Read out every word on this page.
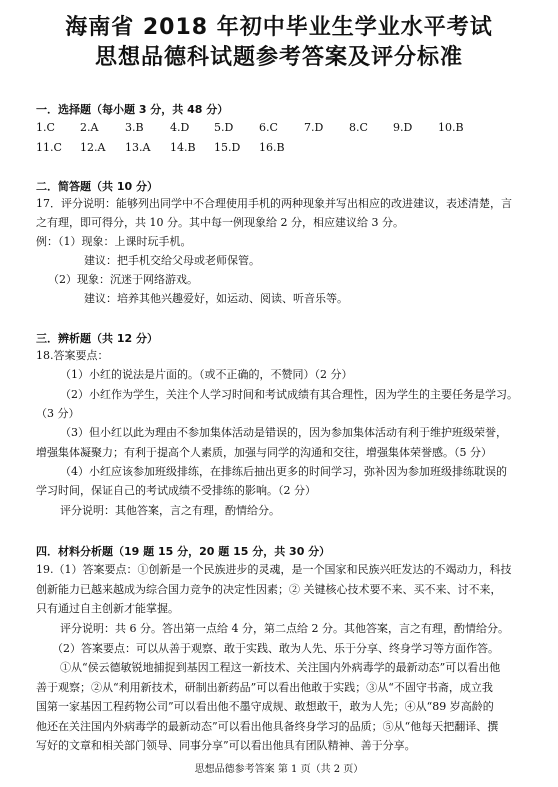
海南省 2018 年初中毕业生学业水平考试
思想品德科试题参考答案及评分标准
一．选择题（每小题 3 分，共 48 分）
1.C 2.A 3.B 4.D 5.D 6.C 7.D 8.C 9.D 10.B
11.C 12.A 13.A 14.B 15.D 16.B
二．简答题（共 10 分）
17．评分说明：能够列出同学中不合理使用手机的两种现象并写出相应的改进建议，表述清楚，言
之有理，即可得分，共 10 分。其中每一例现象给 2 分，相应建议给 3 分。
例：（1）现象：上课时玩手机。
建议：把手机交给父母或老师保管。
（2）现象：沉迷于网络游戏。
建议：培养其他兴趣爱好，如运动、阅读、听音乐等。
三．辨析题（共 12 分）
18.答案要点：
（1）小红的说法是片面的。（或不正确的，不赞同）（2 分）
（2）小红作为学生，关注个人学习时间和考试成绩有其合理性，因为学生的主要任务是学习。
（3 分）
（3）但小红以此为理由不参加集体活动是错误的，因为参加集体活动有利于维护班级荣誉，
增强集体凝聚力；有利于提高个人素质，加强与同学的沟通和交往，增强集体荣誉感。（5 分）
（4）小红应该参加班级排练，在排练后抽出更多的时间学习，弥补因为参加班级排练耽误的
学习时间，保证自己的考试成绩不受排练的影响。（2 分）
评分说明：其他答案，言之有理，酌情给分。
四．材料分析题（19 题 15 分，20 题 15 分，共 30 分）
19.（1）答案要点：①创新是一个民族进步的灵魂，是一个国家和民族兴旺发达的不竭动力，科技
创新能力已越来越成为综合国力竞争的决定性因素；② 关键核心技术要不来、买不来、讨不来，
只有通过自主创新才能掌握。
评分说明：共 6 分。答出第一点给 4 分，第二点给 2 分。其他答案，言之有理，酌情给分。
（2）答案要点：可以从善于观察、敢于实践、敢为人先、乐于分享、终身学习等方面作答。
①从“侯云德敏锐地捕捉到基因工程这一新技术、关注国内外病毒学的最新动态”可以看出他
善于观察；②从“利用新技术，研制出新药品”可以看出他敢于实践；③从“不固守书斋，成立我
国第一家基因工程药物公司”可以看出他不墨守成规、敢想敢干，敢为人先；④从“89 岁高龄的
他还在关注国内外病毒学的最新动态”可以看出他具备终身学习的品质；⑤从“他每天把翻译、撰
写好的文章和相关部门领导、同事分享”可以看出他具有团队精神、善于分享。
思想品德参考答案 第 1 页（共 2 页）
